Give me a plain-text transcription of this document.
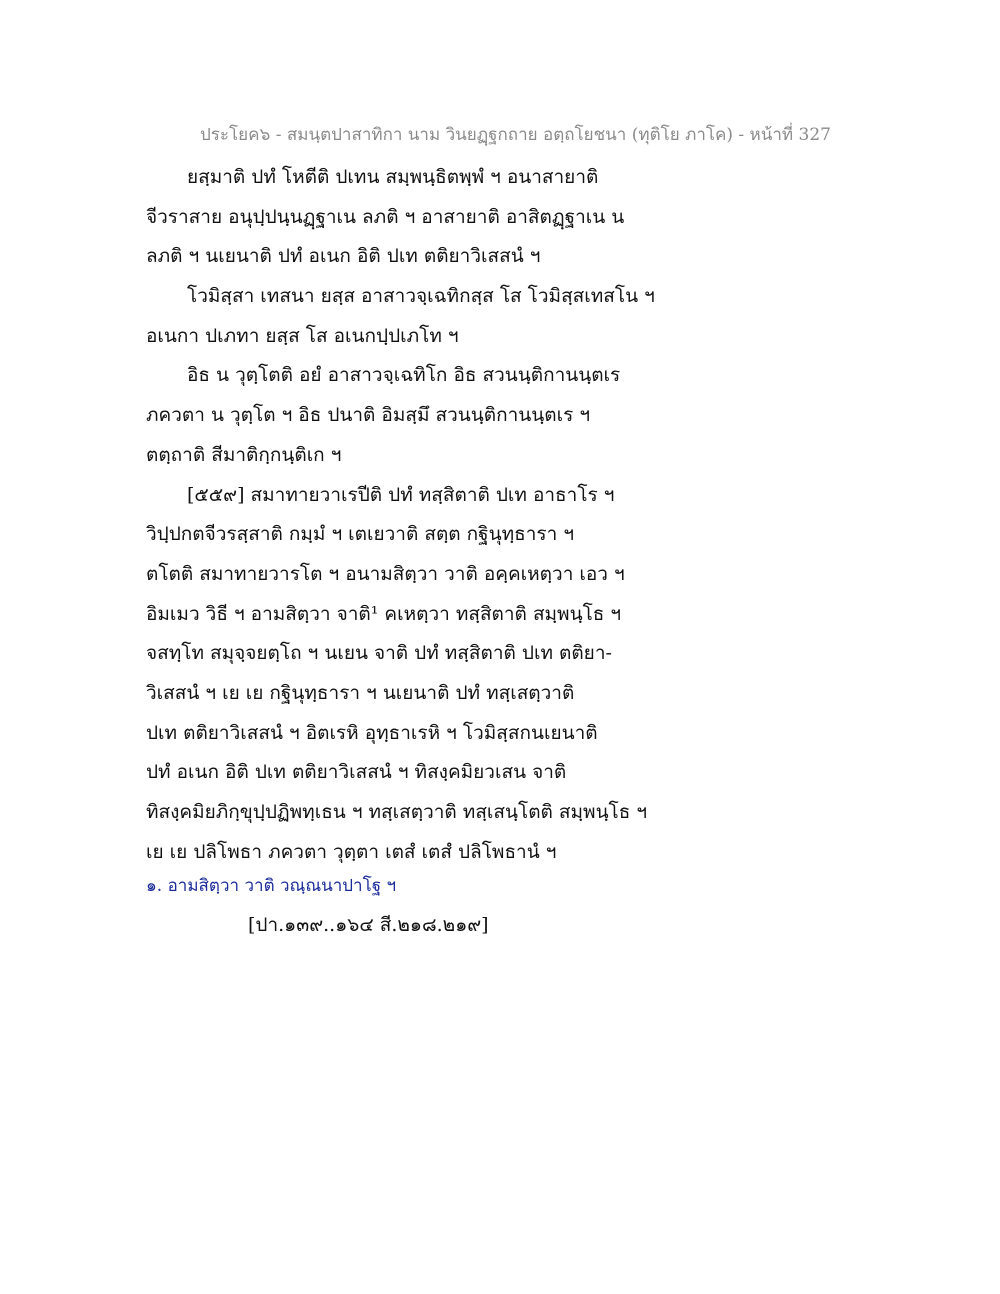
ประโยค๖ - สมนฺตปาสาทิกา นาม วินยฏฺฐกถาย อตฺถโยชนา (ทุติโย ภาโค) - หน้าที่ 327
ยสฺมาติ ปทํ โหตีติ ปเทน สมฺพนฺธิตพฺพํ ฯ อนาสายาติ
จีวราสาย อนุปฺปนฺนฏฺฐาเน ลภติ ฯ อาสายาติ อาสิตฏฺฐาเน น
ลภติ ฯ นเยนาติ ปทํ อเนก อิติ ปเท ตติยาวิเสสนํ ฯ
โวมิสฺสา เทสนา ยสฺส อาสาวจฺเฉทิกสฺส โส โวมิสฺสเทสโน ฯ
อเนกา ปเภทา ยสฺส โส อเนกปฺปเภโท ฯ
อิธ น วุตฺโตติ อยํ อาสาวจฺเฉทิโก อิธ สวนนฺติกานนฺตเร
ภควตา น วุตฺโต ฯ อิธ ปนาติ อิมสฺมึ สวนนฺติกานนฺตเร ฯ
ตตฺถาติ สีมาติกฺกนฺติเก ฯ
[๕๕๙] สมาทายวาเรปีติ ปทํ ทสฺสิตาติ ปเท อาธาโร ฯ
วิปฺปกตจีวรสฺสาติ กมฺมํ ฯ เตเยวาติ สตฺต กฐินุทฺธารา ฯ
ตโตติ สมาทายวารโต ฯ อนามสิตฺวา วาติ อคฺคเหตฺวา เอว ฯ
อิมเมว วิธี ฯ อามสิตฺวา จาติ¹ คเหตฺวา ทสฺสิตาติ สมฺพนฺโธ ฯ
จสทฺโท สมุจฺจยตฺโถ ฯ นเยน จาติ ปทํ ทสฺสิตาติ ปเท ตติยา-
วิเสสนํ ฯ เย เย กฐินุทฺธารา ฯ นเยนาติ ปทํ ทสฺเสตฺวาติ
ปเท ตติยาวิเสสนํ ฯ อิตเรหิ อุทฺธาเรหิ ฯ โวมิสฺสกนเยนาติ
ปทํ อเนก อิติ ปเท ตติยาวิเสสนํ ฯ ทิสงฺคมิยวเสน จาติ
ทิสงฺคมิยภิกฺขุปฺปฏิพทฺเธน ฯ ทสฺเสตฺวาติ ทสฺเสนฺโตติ สมฺพนฺโธ ฯ
เย เย ปลิโพธา ภควตา วุตฺตา เตสํ เตสํ ปลิโพธานํ ฯ
๑. อามสิตฺวา วาติ วณฺณนาปาโฐ ฯ
[ปา.๑๓๙..๑๖๔ สี.๒๑๘.๒๑๙]
